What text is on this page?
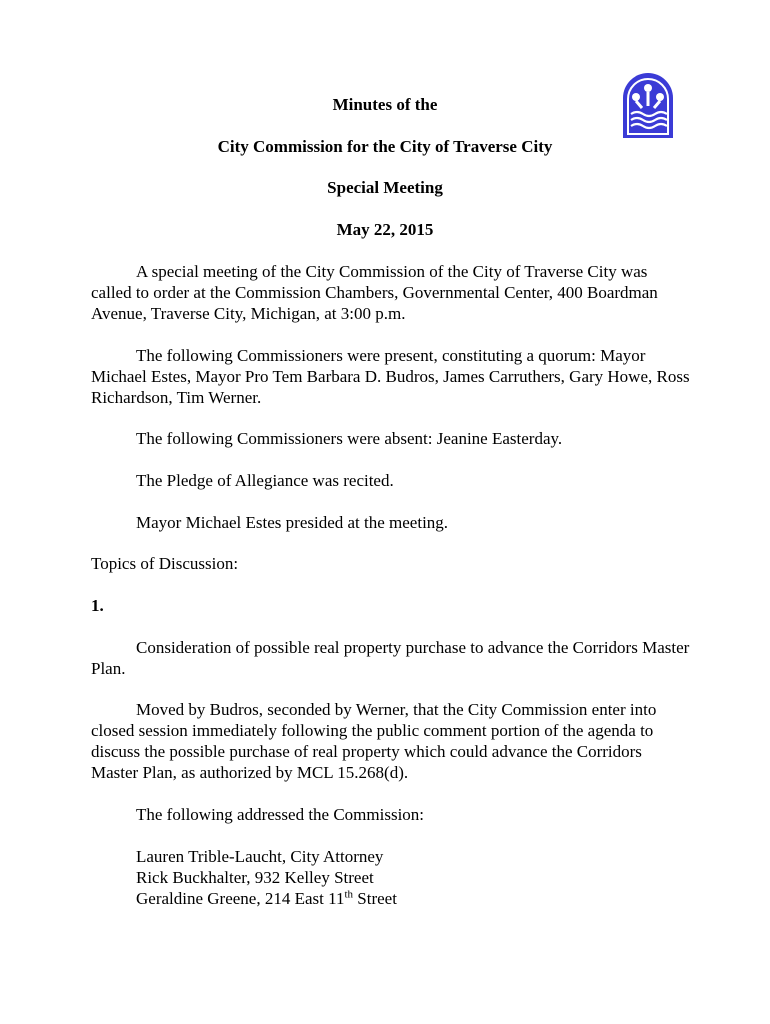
Minutes of the
City Commission for the City of Traverse City
Special Meeting
May 22, 2015

A special meeting of the City Commission of the City of Traverse City was called to order at the Commission Chambers, Governmental Center, 400 Boardman Avenue, Traverse City, Michigan, at 3:00 p.m.

The following Commissioners were present, constituting a quorum: Mayor Michael Estes, Mayor Pro Tem Barbara D. Budros, James Carruthers, Gary Howe, Ross Richardson, Tim Werner.

The following Commissioners were absent: Jeanine Easterday.

The Pledge of Allegiance was recited.

Mayor Michael Estes presided at the meeting.

Topics of Discussion:

1.

Consideration of possible real property purchase to advance the Corridors Master Plan.

Moved by Budros, seconded by Werner, that the City Commission enter into closed session immediately following the public comment portion of the agenda to discuss the possible purchase of real property which could advance the Corridors Master Plan, as authorized by MCL 15.268(d).

The following addressed the Commission:

Lauren Trible-Laucht, City Attorney
Rick Buckhalter, 932 Kelley Street
Geraldine Greene, 214 East 11th Street
